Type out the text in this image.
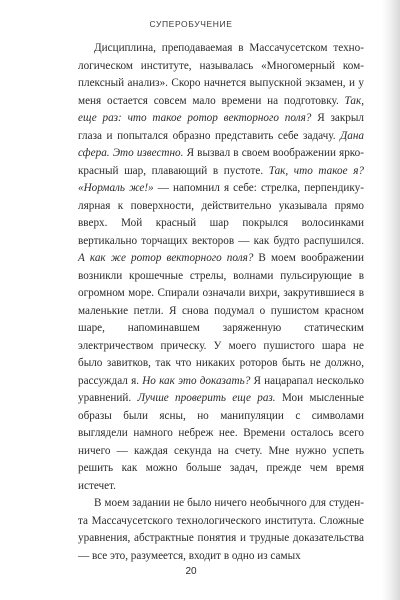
СУПЕРОБУЧЕНИЕ

Дисциплина, преподаваемая в Массачусетском технологическом институте, называлась «Многомерный комплексный анализ». Скоро начнется выпускной экзамен, и у меня остается совсем мало времени на подготовку. Так, еще раз: что такое ротор векторного поля? Я закрыл глаза и попытался образно представить себе задачу. Дана сфера. Это известно. Я вызвал в своем воображении ярко-красный шар, плавающий в пустоте. Так, что такое я? «Нормаль же!» — напомнил я себе: стрелка, перпендикулярная к поверхности, действительно указывала прямо вверх. Мой красный шар покрылся волосинками вертикально торчащих векторов — как будто распушился. А как же ротор векторного поля? В моем воображении возникли крошечные стрелы, волнами пульсирующие в огромном море. Спирали означали вихри, закрутившиеся в маленькие петли. Я снова подумал о пушистом красном шаре, напоминавшем заряженную статическим электричеством прическу. У моего пушистого шара не было завитков, так что никаких роторов быть не должно, рассуждал я. Но как это доказать? Я нацарапал несколько уравнений. Лучше проверить еще раз. Мои мысленные образы были ясны, но манипуляции с символами выглядели намного небреж нее. Времени осталось всего ничего — каждая секунда на счету. Мне нужно успеть решить как можно больше задач, прежде чем время истечет.

В моем задании не было ничего необычного для студента Массачусетского технологического института. Сложные уравнения, абстрактные понятия и трудные доказательства — все это, разумеется, входит в одно из самых

20
